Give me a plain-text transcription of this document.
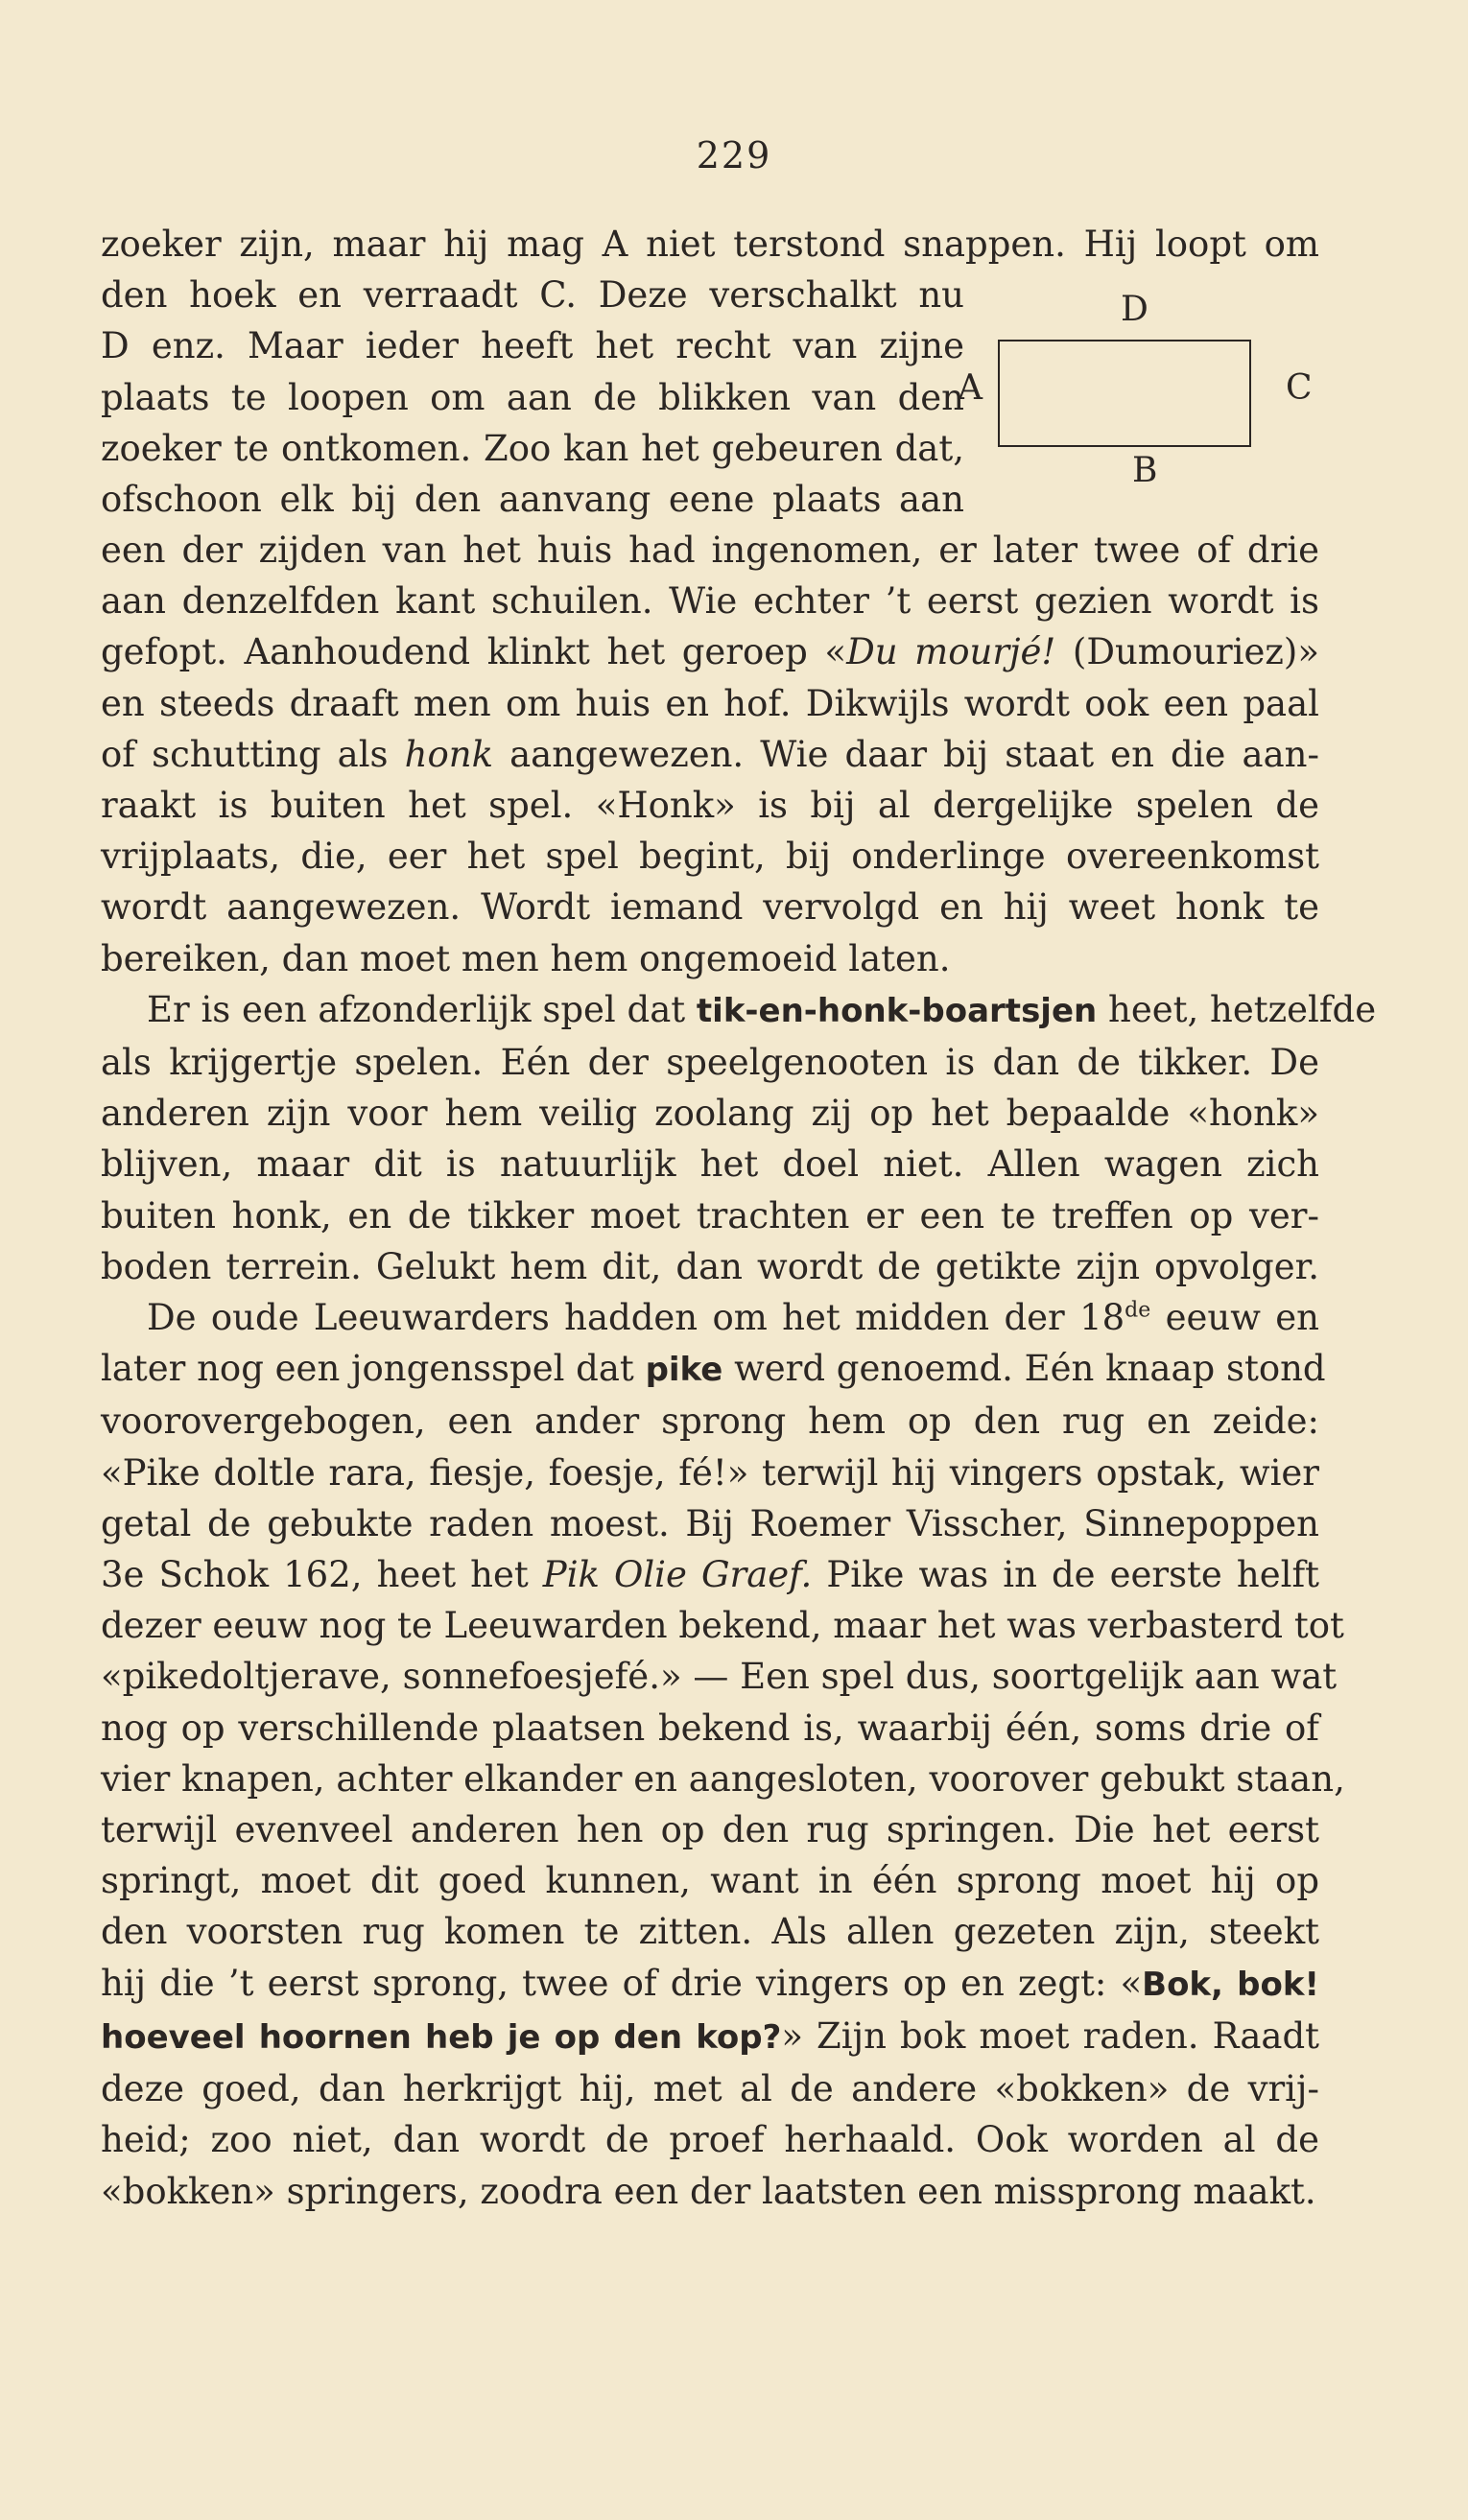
229
D
A	C
B
zoeker zijn, maar hij mag A niet terstond snappen. Hij loopt om
den hoek en verraadt C. Deze verschalkt nu
D enz. Maar ieder heeft het recht van zijne
plaats te loopen om aan de blikken van den
zoeker te ontkomen. Zoo kan het gebeuren dat,
ofschoon elk bij den aanvang eene plaats aan
een der zijden van het huis had ingenomen, er later twee of drie
aan denzelfden kant schuilen. Wie echter ’t eerst gezien wordt is
gefopt. Aanhoudend klinkt het geroep «Du mourjé! (Dumouriez)»
en steeds draaft men om huis en hof. Dikwijls wordt ook een paal
of schutting als honk aangewezen. Wie daar bij staat en die aan-
raakt is buiten het spel. «Honk» is bij al dergelijke spelen de
vrijplaats, die, eer het spel begint, bij onderlinge overeenkomst
wordt aangewezen. Wordt iemand vervolgd en hij weet honk te
bereiken, dan moet men hem ongemoeid laten.
Er is een afzonderlijk spel dat tik-en-honk-boartsjen heet, hetzelfde
als krijgertje spelen. Eén der speelgenooten is dan de tikker. De
anderen zijn voor hem veilig zoolang zij op het bepaalde «honk»
blijven, maar dit is natuurlijk het doel niet. Allen wagen zich
buiten honk, en de tikker moet trachten er een te treffen op ver-
boden terrein. Gelukt hem dit, dan wordt de getikte zijn opvolger.
De oude Leeuwarders hadden om het midden der 18de eeuw en
later nog een jongensspel dat pike werd genoemd. Eén knaap stond
voorovergebogen, een ander sprong hem op den rug en zeide:
«Pike doltle rara, fiesje, foesje, fé!» terwijl hij vingers opstak, wier
getal de gebukte raden moest. Bij Roemer Visscher, Sinnepoppen
3e Schok 162, heet het Pik Olie Graef. Pike was in de eerste helft
dezer eeuw nog te Leeuwarden bekend, maar het was verbasterd tot
«pikedoltjerave, sonnefoesjefé.» — Een spel dus, soortgelijk aan wat
nog op verschillende plaatsen bekend is, waarbij één, soms drie of
vier knapen, achter elkander en aangesloten, voorover gebukt staan,
terwijl evenveel anderen hen op den rug springen. Die het eerst
springt, moet dit goed kunnen, want in één sprong moet hij op
den voorsten rug komen te zitten. Als allen gezeten zijn, steekt
hij die ’t eerst sprong, twee of drie vingers op en zegt: «Bok, bok!
hoeveel hoornen heb je op den kop?» Zijn bok moet raden. Raadt
deze goed, dan herkrijgt hij, met al de andere «bokken» de vrij-
heid; zoo niet, dan wordt de proef herhaald. Ook worden al de
«bokken» springers, zoodra een der laatsten een missprong maakt.
